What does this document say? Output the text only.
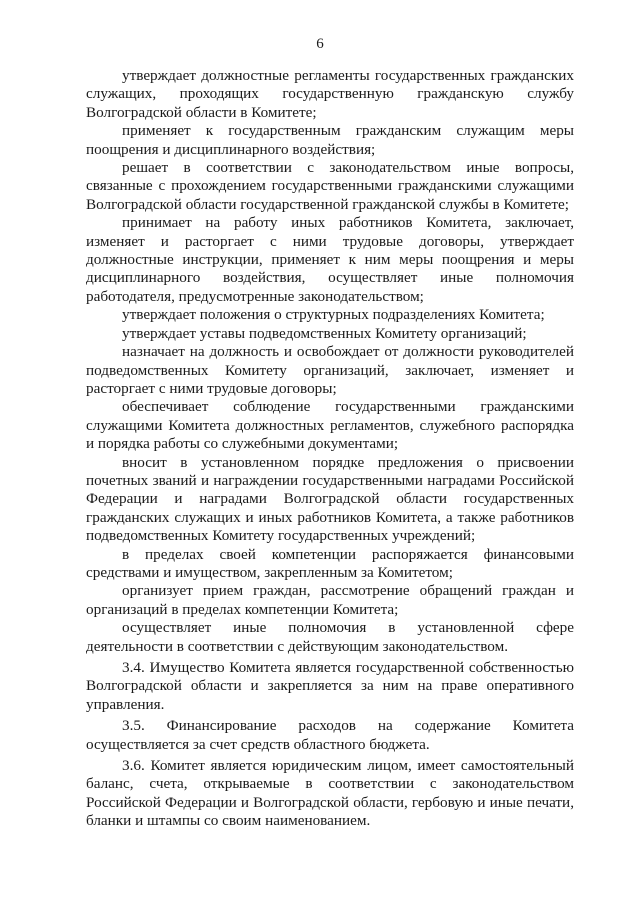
6

утверждает должностные регламенты государственных гражданских служащих, проходящих государственную гражданскую службу Волгоградской области в Комитете;

применяет к государственным гражданским служащим меры поощрения и дисциплинарного воздействия;

решает в соответствии с законодательством иные вопросы, связанные с прохождением государственными гражданскими служащими Волгоградской области государственной гражданской службы в Комитете;

принимает на работу иных работников Комитета, заключает, изменяет и расторгает с ними трудовые договоры, утверждает должностные инструкции, применяет к ним меры поощрения и меры дисциплинарного воздействия, осуществляет иные полномочия работодателя, предусмотренные законодательством;

утверждает положения о структурных подразделениях Комитета;

утверждает уставы подведомственных Комитету организаций;

назначает на должность и освобождает от должности руководителей подведомственных Комитету организаций, заключает, изменяет и расторгает с ними трудовые договоры;

обеспечивает соблюдение государственными гражданскими служащими Комитета должностных регламентов, служебного распорядка и порядка работы со служебными документами;

вносит в установленном порядке предложения о присвоении почетных званий и награждении государственными наградами Российской Федерации и наградами Волгоградской области государственных гражданских служащих и иных работников Комитета, а также работников подведомственных Комитету государственных учреждений;

в пределах своей компетенции распоряжается финансовыми средствами и имуществом, закрепленным за Комитетом;

организует прием граждан, рассмотрение обращений граждан и организаций в пределах компетенции Комитета;

осуществляет иные полномочия в установленной сфере деятельности в соответствии с действующим законодательством.

3.4. Имущество Комитета является государственной собственностью Волгоградской области и закрепляется за ним на праве оперативного управления.

3.5. Финансирование расходов на содержание Комитета осуществляется за счет средств областного бюджета.

3.6. Комитет является юридическим лицом, имеет самостоятельный баланс, счета, открываемые в соответствии с законодательством Российской Федерации и Волгоградской области, гербовую и иные печати, бланки и штампы со своим наименованием.
